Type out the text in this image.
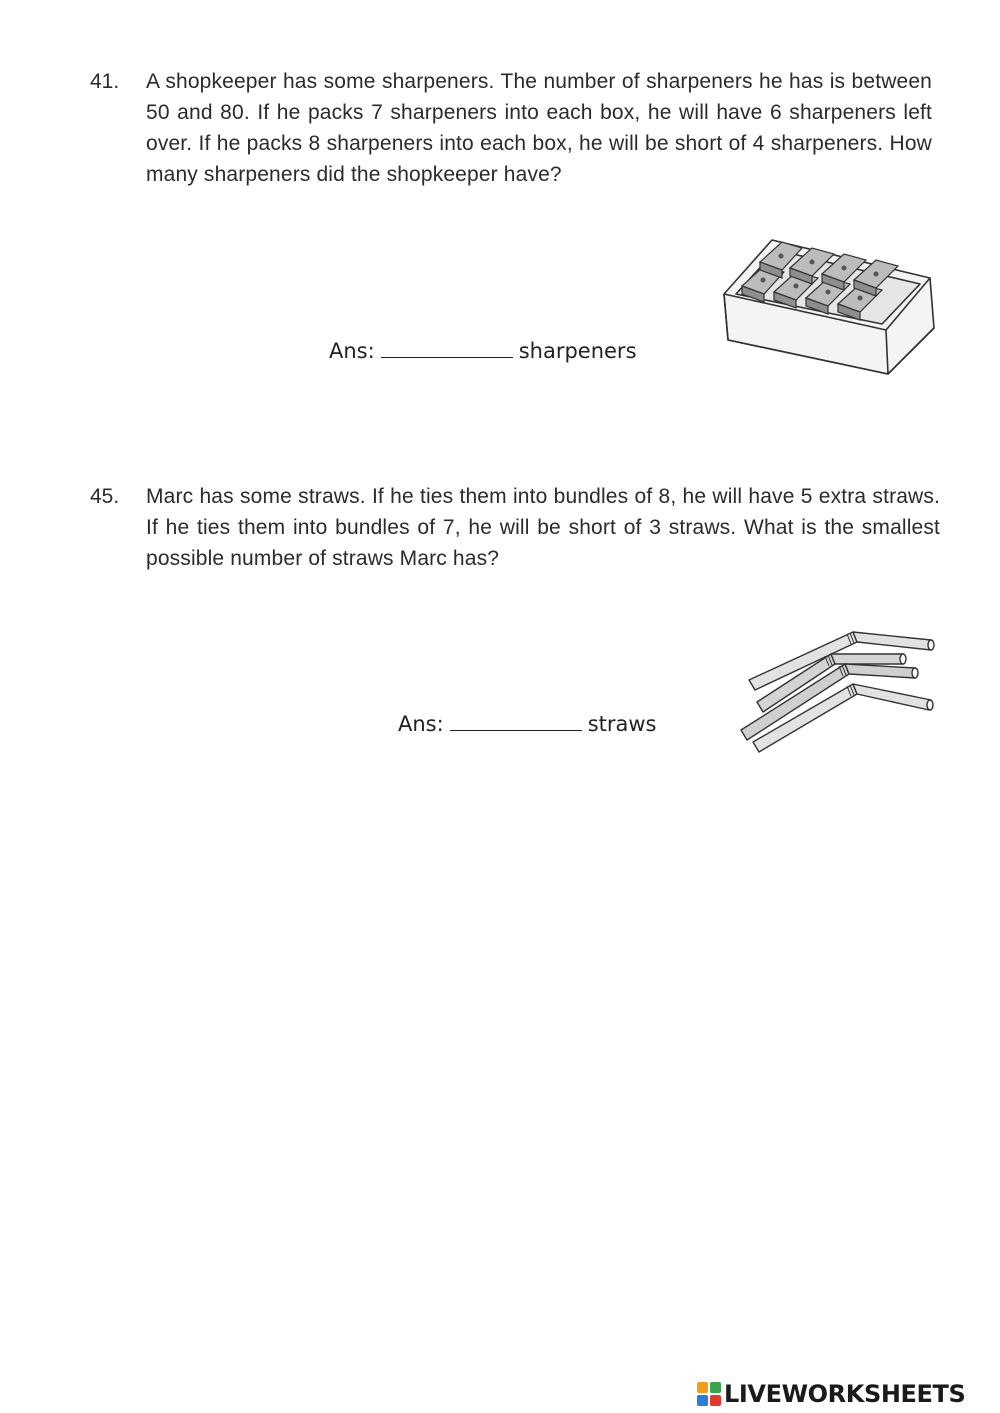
41. A shopkeeper has some sharpeners. The number of sharpeners he has is between 50 and 80. If he packs 7 sharpeners into each box, he will have 6 sharpeners left over. If he packs 8 sharpeners into each box, he will be short of 4 sharpeners. How many sharpeners did the shopkeeper have?
Ans:	sharpeners
45. Marc has some straws. If he ties them into bundles of 8, he will have 5 extra straws. If he ties them into bundles of 7, he will be short of 3 straws. What is the smallest possible number of straws Marc has?
Ans:	straws
LIVEWORKSHEETS
